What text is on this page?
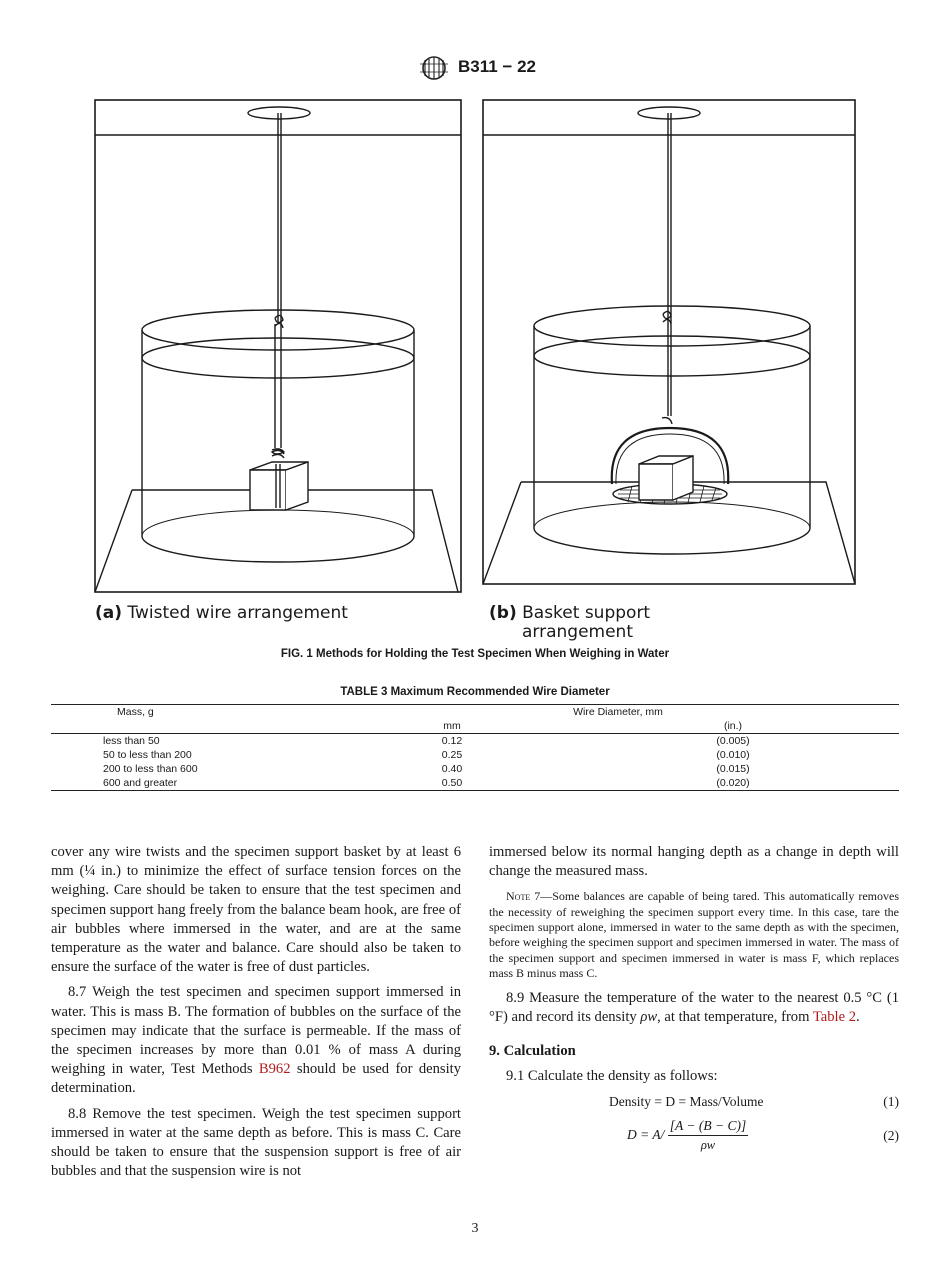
B311 − 22
(a) Twisted wire arrangement	(b) Basket support
arrangement
FIG. 1 Methods for Holding the Test Specimen When Weighing in Water
TABLE 3 Maximum Recommended Wire Diameter
Mass, g	Wire Diameter, mm	
	mm	(in.)
less than 50	0.12	(0.005)
50 to less than 200	0.25	(0.010)
200 to less than 600	0.40	(0.015)
600 and greater	0.50	(0.020)

cover any wire twists and the specimen support basket by at least 6 mm (¼ in.) to minimize the effect of surface tension forces on the weighing. Care should be taken to ensure that the test specimen and specimen support hang freely from the balance beam hook, are free of air bubbles where immersed in the water, and are at the same temperature as the water and balance. Care should also be taken to ensure the surface of the water is free of dust particles.

8.7 Weigh the test specimen and specimen support immersed in water. This is mass B. The formation of bubbles on the surface of the specimen may indicate that the surface is permeable. If the mass of the specimen increases by more than 0.01 % of mass A during weighing in water, Test Methods B962 should be used for density determination.

8.8 Remove the test specimen. Weigh the test specimen support immersed in water at the same depth as before. This is mass C. Care should be taken to ensure that the suspension support is free of air bubbles and that the suspension wire is not

immersed below its normal hanging depth as a change in depth will change the measured mass.

Note 7—Some balances are capable of being tared. This automatically removes the necessity of reweighing the specimen support every time. In this case, tare the specimen support alone, immersed in water to the same depth as with the specimen, before weighing the specimen support and specimen immersed in water. The mass of the specimen support and specimen immersed in water is mass F, which replaces mass B minus mass C.

8.9 Measure the temperature of the water to the nearest 0.5 °C (1 °F) and record its density ρw, at that temperature, from Table 2.

9. Calculation

9.1 Calculate the density as follows:

Density = D = Mass/Volume	(1)
$D = A/ \frac{[A - (B - C)]}{\rho w}$	(2)
3
